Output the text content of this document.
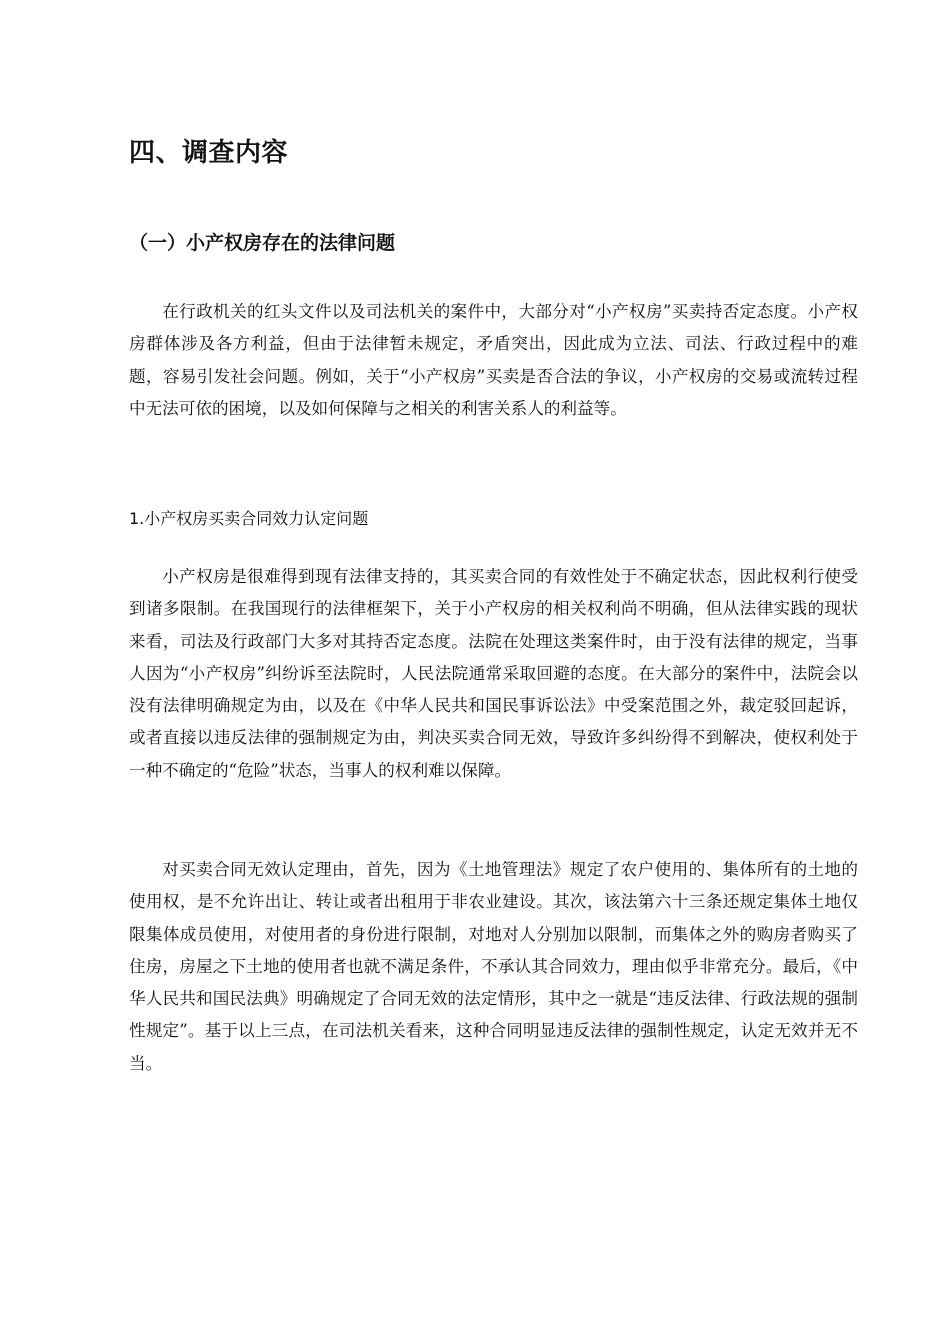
四、调查内容
（一）小产权房存在的法律问题

在行政机关的红头文件以及司法机关的案件中，大部分对“小产权房”买卖持否定态度。小产权房群体涉及各方利益，但由于法律暂未规定，矛盾突出，因此成为立法、司法、行政过程中的难题，容易引发社会问题。例如，关于“小产权房”买卖是否合法的争议，小产权房的交易或流转过程中无法可依的困境，以及如何保障与之相关的利害关系人的利益等。

1.小产权房买卖合同效力认定问题

小产权房是很难得到现有法律支持的，其买卖合同的有效性处于不确定状态，因此权利行使受到诸多限制。在我国现行的法律框架下，关于小产权房的相关权利尚不明确，但从法律实践的现状来看，司法及行政部门大多对其持否定态度。法院在处理这类案件时，由于没有法律的规定，当事人因为“小产权房”纠纷诉至法院时，人民法院通常采取回避的态度。在大部分的案件中，法院会以没有法律明确规定为由，以及在《中华人民共和国民事诉讼法》中受案范围之外，裁定驳回起诉，或者直接以违反法律的强制规定为由，判决买卖合同无效，导致许多纠纷得不到解决，使权利处于一种不确定的“危险”状态，当事人的权利难以保障。

对买卖合同无效认定理由，首先，因为《土地管理法》规定了农户使用的、集体所有的土地的使用权，是不允许出让、转让或者出租用于非农业建设。其次，该法第六十三条还规定集体土地仅限集体成员使用，对使用者的身份进行限制，对地对人分别加以限制，而集体之外的购房者购买了住房，房屋之下土地的使用者也就不满足条件，不承认其合同效力，理由似乎非常充分。最后，《中华人民共和国民法典》明确规定了合同无效的法定情形，其中之一就是“违反法律、行政法规的强制性规定”。基于以上三点，在司法机关看来，这种合同明显违反法律的强制性规定，认定无效并无不当。
